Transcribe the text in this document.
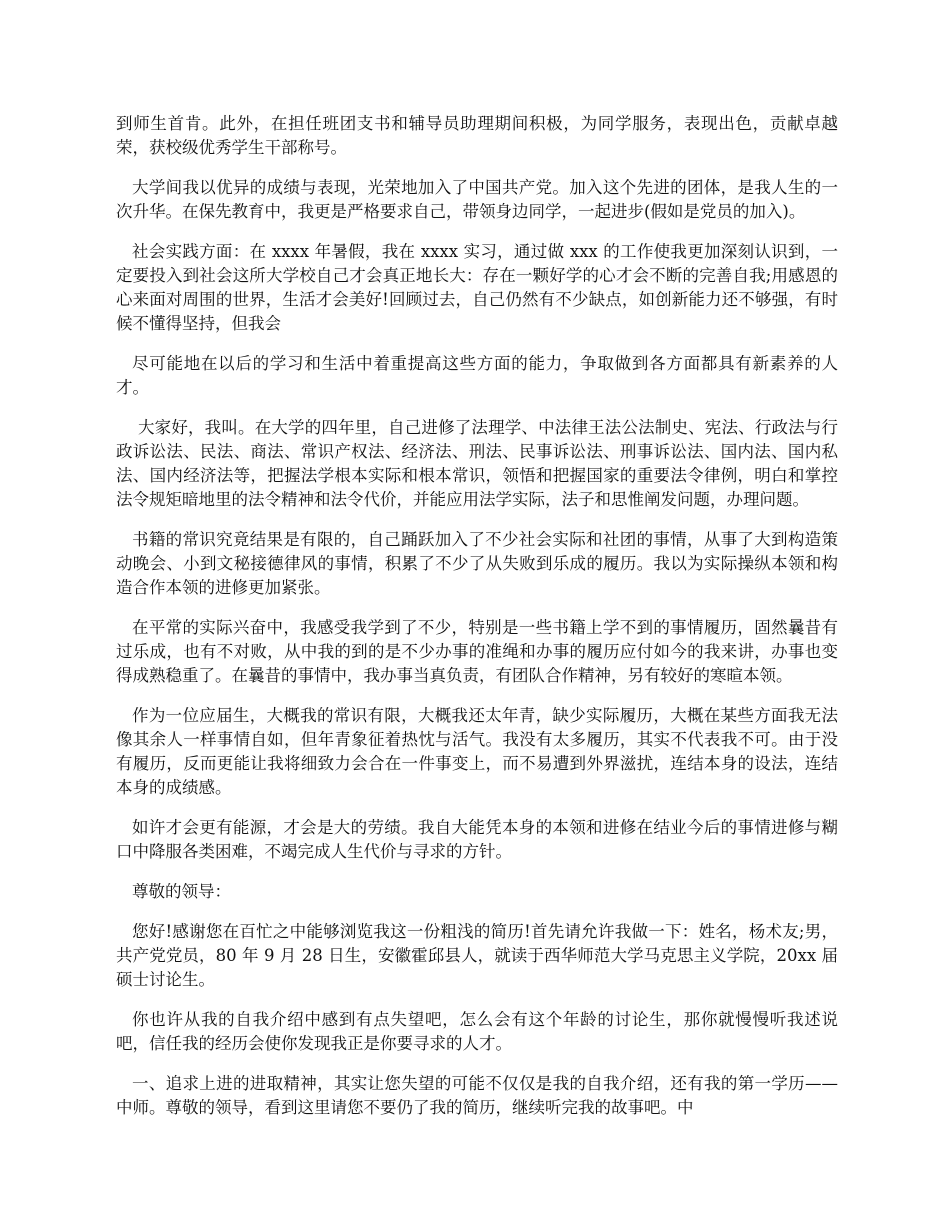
到师生首肯。此外，在担任班团支书和辅导员助理期间积极，为同学服务，表现出色，贡献卓越荣，获校级优秀学生干部称号。

大学间我以优异的成绩与表现，光荣地加入了中国共产党。加入这个先进的团体，是我人生的一次升华。在保先教育中，我更是严格要求自己，带领身边同学，一起进步(假如是党员的加入)。

社会实践方面：在 xxxx 年暑假，我在 xxxx 实习，通过做 xxx 的工作使我更加深刻认识到，一定要投入到社会这所大学校自己才会真正地长大：存在一颗好学的心才会不断的完善自我;用感恩的心来面对周围的世界，生活才会美好!回顾过去，自己仍然有不少缺点，如创新能力还不够强，有时候不懂得坚持，但我会

尽可能地在以后的学习和生活中着重提高这些方面的能力，争取做到各方面都具有新素养的人才。

大家好，我叫。在大学的四年里，自己进修了法理学、中法律王法公法制史、宪法、行政法与行政诉讼法、民法、商法、常识产权法、经济法、刑法、民事诉讼法、刑事诉讼法、国内法、国内私法、国内经济法等，把握法学根本实际和根本常识，领悟和把握国家的重要法令律例，明白和掌控法令规矩暗地里的法令精神和法令代价，并能应用法学实际，法子和思惟阐发问题，办理问题。

书籍的常识究竟结果是有限的，自己踊跃加入了不少社会实际和社团的事情，从事了大到构造策动晚会、小到文秘接德律风的事情，积累了不少了从失败到乐成的履历。我以为实际操纵本领和构造合作本领的进修更加紧张。

在平常的实际兴奋中，我感受我学到了不少，特别是一些书籍上学不到的事情履历，固然曩昔有过乐成，也有不对败，从中我的到的是不少办事的准绳和办事的履历应付如今的我来讲，办事也变得成熟稳重了。在曩昔的事情中，我办事当真负责，有团队合作精神，另有较好的寒暄本领。

作为一位应届生，大概我的常识有限，大概我还太年青，缺少实际履历，大概在某些方面我无法像其余人一样事情自如，但年青象征着热忱与活气。我没有太多履历，其实不代表我不可。由于没有履历，反而更能让我将细致力会合在一件事变上，而不易遭到外界滋扰，连结本身的设法，连结本身的成绩感。

如许才会更有能源，才会是大的劳绩。我自大能凭本身的本领和进修在结业今后的事情进修与糊口中降服各类困难，不竭完成人生代价与寻求的方针。

尊敬的领导：

您好!感谢您在百忙之中能够浏览我这一份粗浅的简历!首先请允许我做一下：姓名，杨术友;男，共产党党员，80 年 9 月 28 日生，安徽霍邱县人，就读于西华师范大学马克思主义学院，20xx 届硕士讨论生。

你也许从我的自我介绍中感到有点失望吧，怎么会有这个年龄的讨论生，那你就慢慢听我述说吧，信任我的经历会使你发现我正是你要寻求的人才。

一、追求上进的进取精神，其实让您失望的可能不仅仅是我的自我介绍，还有我的第一学历——中师。尊敬的领导，看到这里请您不要仍了我的简历，继续听完我的故事吧。中
